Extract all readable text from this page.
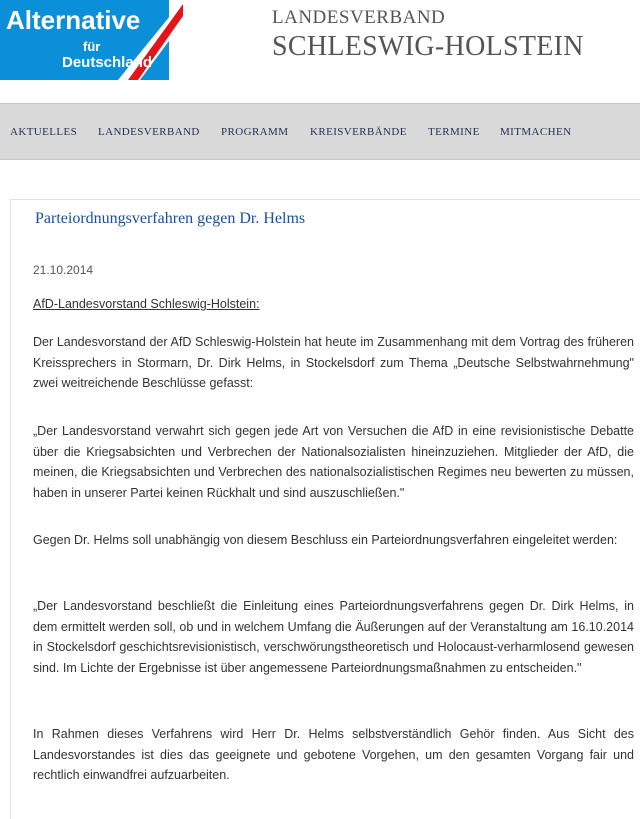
Alternative
für
Deutschland
LANDESVERBAND
SCHLESWIG-HOLSTEIN
AKTUELLES LANDESVERBAND PROGRAMM KREISVERBÄNDE TERMINE MITMACHEN
Parteiordnungsverfahren gegen Dr. Helms
21.10.2014
AfD-Landesvorstand Schleswig-Holstein:

Der Landesvorstand der AfD Schleswig-Holstein hat heute im Zusammenhang mit dem Vortrag des früheren Kreissprechers in Stormarn, Dr. Dirk Helms, in Stockelsdorf zum Thema „Deutsche Selbstwahrnehmung" zwei weitreichende Beschlüsse gefasst:

„Der Landesvorstand verwahrt sich gegen jede Art von Versuchen die AfD in eine revisionistische Debatte über die Kriegsabsichten und Verbrechen der Nationalsozialisten hineinzuziehen. Mitglieder der AfD, die meinen, die Kriegsabsichten und Verbrechen des nationalsozialistischen Regimes neu bewerten zu müssen, haben in unserer Partei keinen Rückhalt und sind auszuschließen."

Gegen Dr. Helms soll unabhängig von diesem Beschluss ein Parteiordnungsverfahren eingeleitet werden:

„Der Landesvorstand beschließt die Einleitung eines Parteiordnungsverfahrens gegen Dr. Dirk Helms, in dem ermittelt werden soll, ob und in welchem Umfang die Äußerungen auf der Veranstaltung am 16.10.2014 in Stockelsdorf geschichtsrevisionistisch, verschwörungstheoretisch und Holocaust-verharmlosend gewesen sind. Im Lichte der Ergebnisse ist über angemessene Parteiordnungsmaßnahmen zu entscheiden."

In Rahmen dieses Verfahrens wird Herr Dr. Helms selbstverständlich Gehör finden. Aus Sicht des Landesvorstandes ist dies das geeignete und gebotene Vorgehen, um den gesamten Vorgang fair und rechtlich einwandfrei aufzuarbeiten.
